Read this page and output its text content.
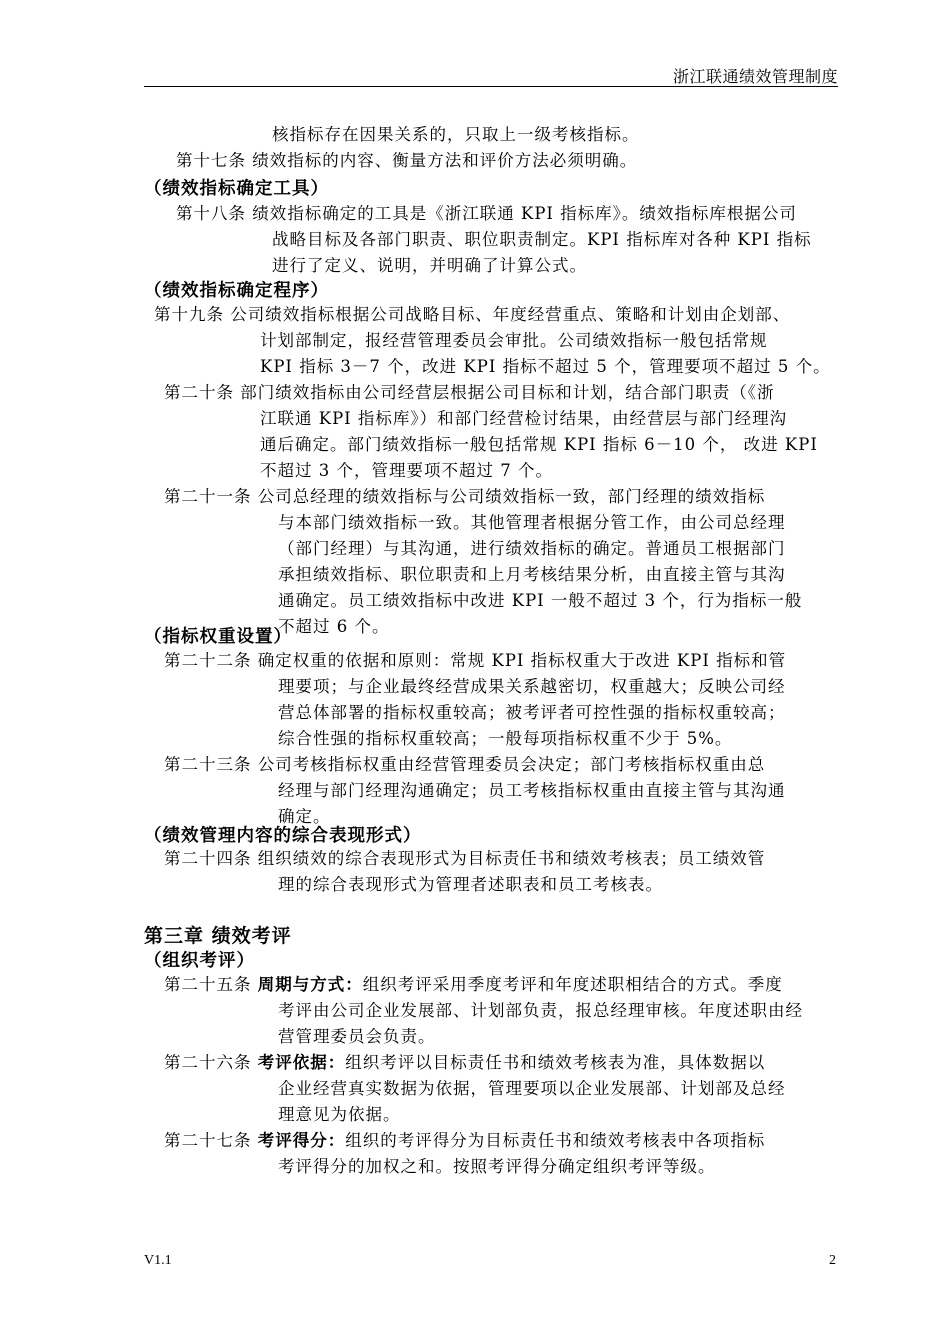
浙江联通绩效管理制度
核指标存在因果关系的，只取上一级考核指标。
第十七条 绩效指标的内容、衡量方法和评价方法必须明确。
（绩效指标确定工具）
第十八条 绩效指标确定的工具是《浙江联通 KPI 指标库》。绩效指标库根据公司
战略目标及各部门职责、职位职责制定。KPI 指标库对各种 KPI 指标
进行了定义、说明，并明确了计算公式。
（绩效指标确定程序）
第十九条 公司绩效指标根据公司战略目标、年度经营重点、策略和计划由企划部、
计划部制定，报经营管理委员会审批。公司绩效指标一般包括常规
KPI 指标 3－7 个，改进 KPI 指标不超过 5 个，管理要项不超过 5 个。
第二十条 部门绩效指标由公司经营层根据公司目标和计划，结合部门职责（《浙
江联通 KPI 指标库》）和部门经营检讨结果，由经营层与部门经理沟
通后确定。部门绩效指标一般包括常规 KPI 指标 6－10 个， 改进 KPI
不超过 3 个，管理要项不超过 7 个。
第二十一条 公司总经理的绩效指标与公司绩效指标一致，部门经理的绩效指标
与本部门绩效指标一致。其他管理者根据分管工作，由公司总经理
（部门经理）与其沟通，进行绩效指标的确定。普通员工根据部门
承担绩效指标、职位职责和上月考核结果分析，由直接主管与其沟
通确定。员工绩效指标中改进 KPI 一般不超过 3 个，行为指标一般
不超过 6 个。
（指标权重设置）
第二十二条 确定权重的依据和原则：常规 KPI 指标权重大于改进 KPI 指标和管
理要项；与企业最终经营成果关系越密切，权重越大；反映公司经
营总体部署的指标权重较高；被考评者可控性强的指标权重较高；
综合性强的指标权重较高；一般每项指标权重不少于 5%。
第二十三条 公司考核指标权重由经营管理委员会决定；部门考核指标权重由总
经理与部门经理沟通确定；员工考核指标权重由直接主管与其沟通
确定。
（绩效管理内容的综合表现形式）
第二十四条 组织绩效的综合表现形式为目标责任书和绩效考核表；员工绩效管
理的综合表现形式为管理者述职表和员工考核表。
第三章 绩效考评
（组织考评）
第二十五条 周期与方式：组织考评采用季度考评和年度述职相结合的方式。季度
考评由公司企业发展部、计划部负责，报总经理审核。年度述职由经
营管理委员会负责。
第二十六条 考评依据：组织考评以目标责任书和绩效考核表为准，具体数据以
企业经营真实数据为依据，管理要项以企业发展部、计划部及总经
理意见为依据。
第二十七条 考评得分：组织的考评得分为目标责任书和绩效考核表中各项指标
考评得分的加权之和。按照考评得分确定组织考评等级。
V1.1	2
